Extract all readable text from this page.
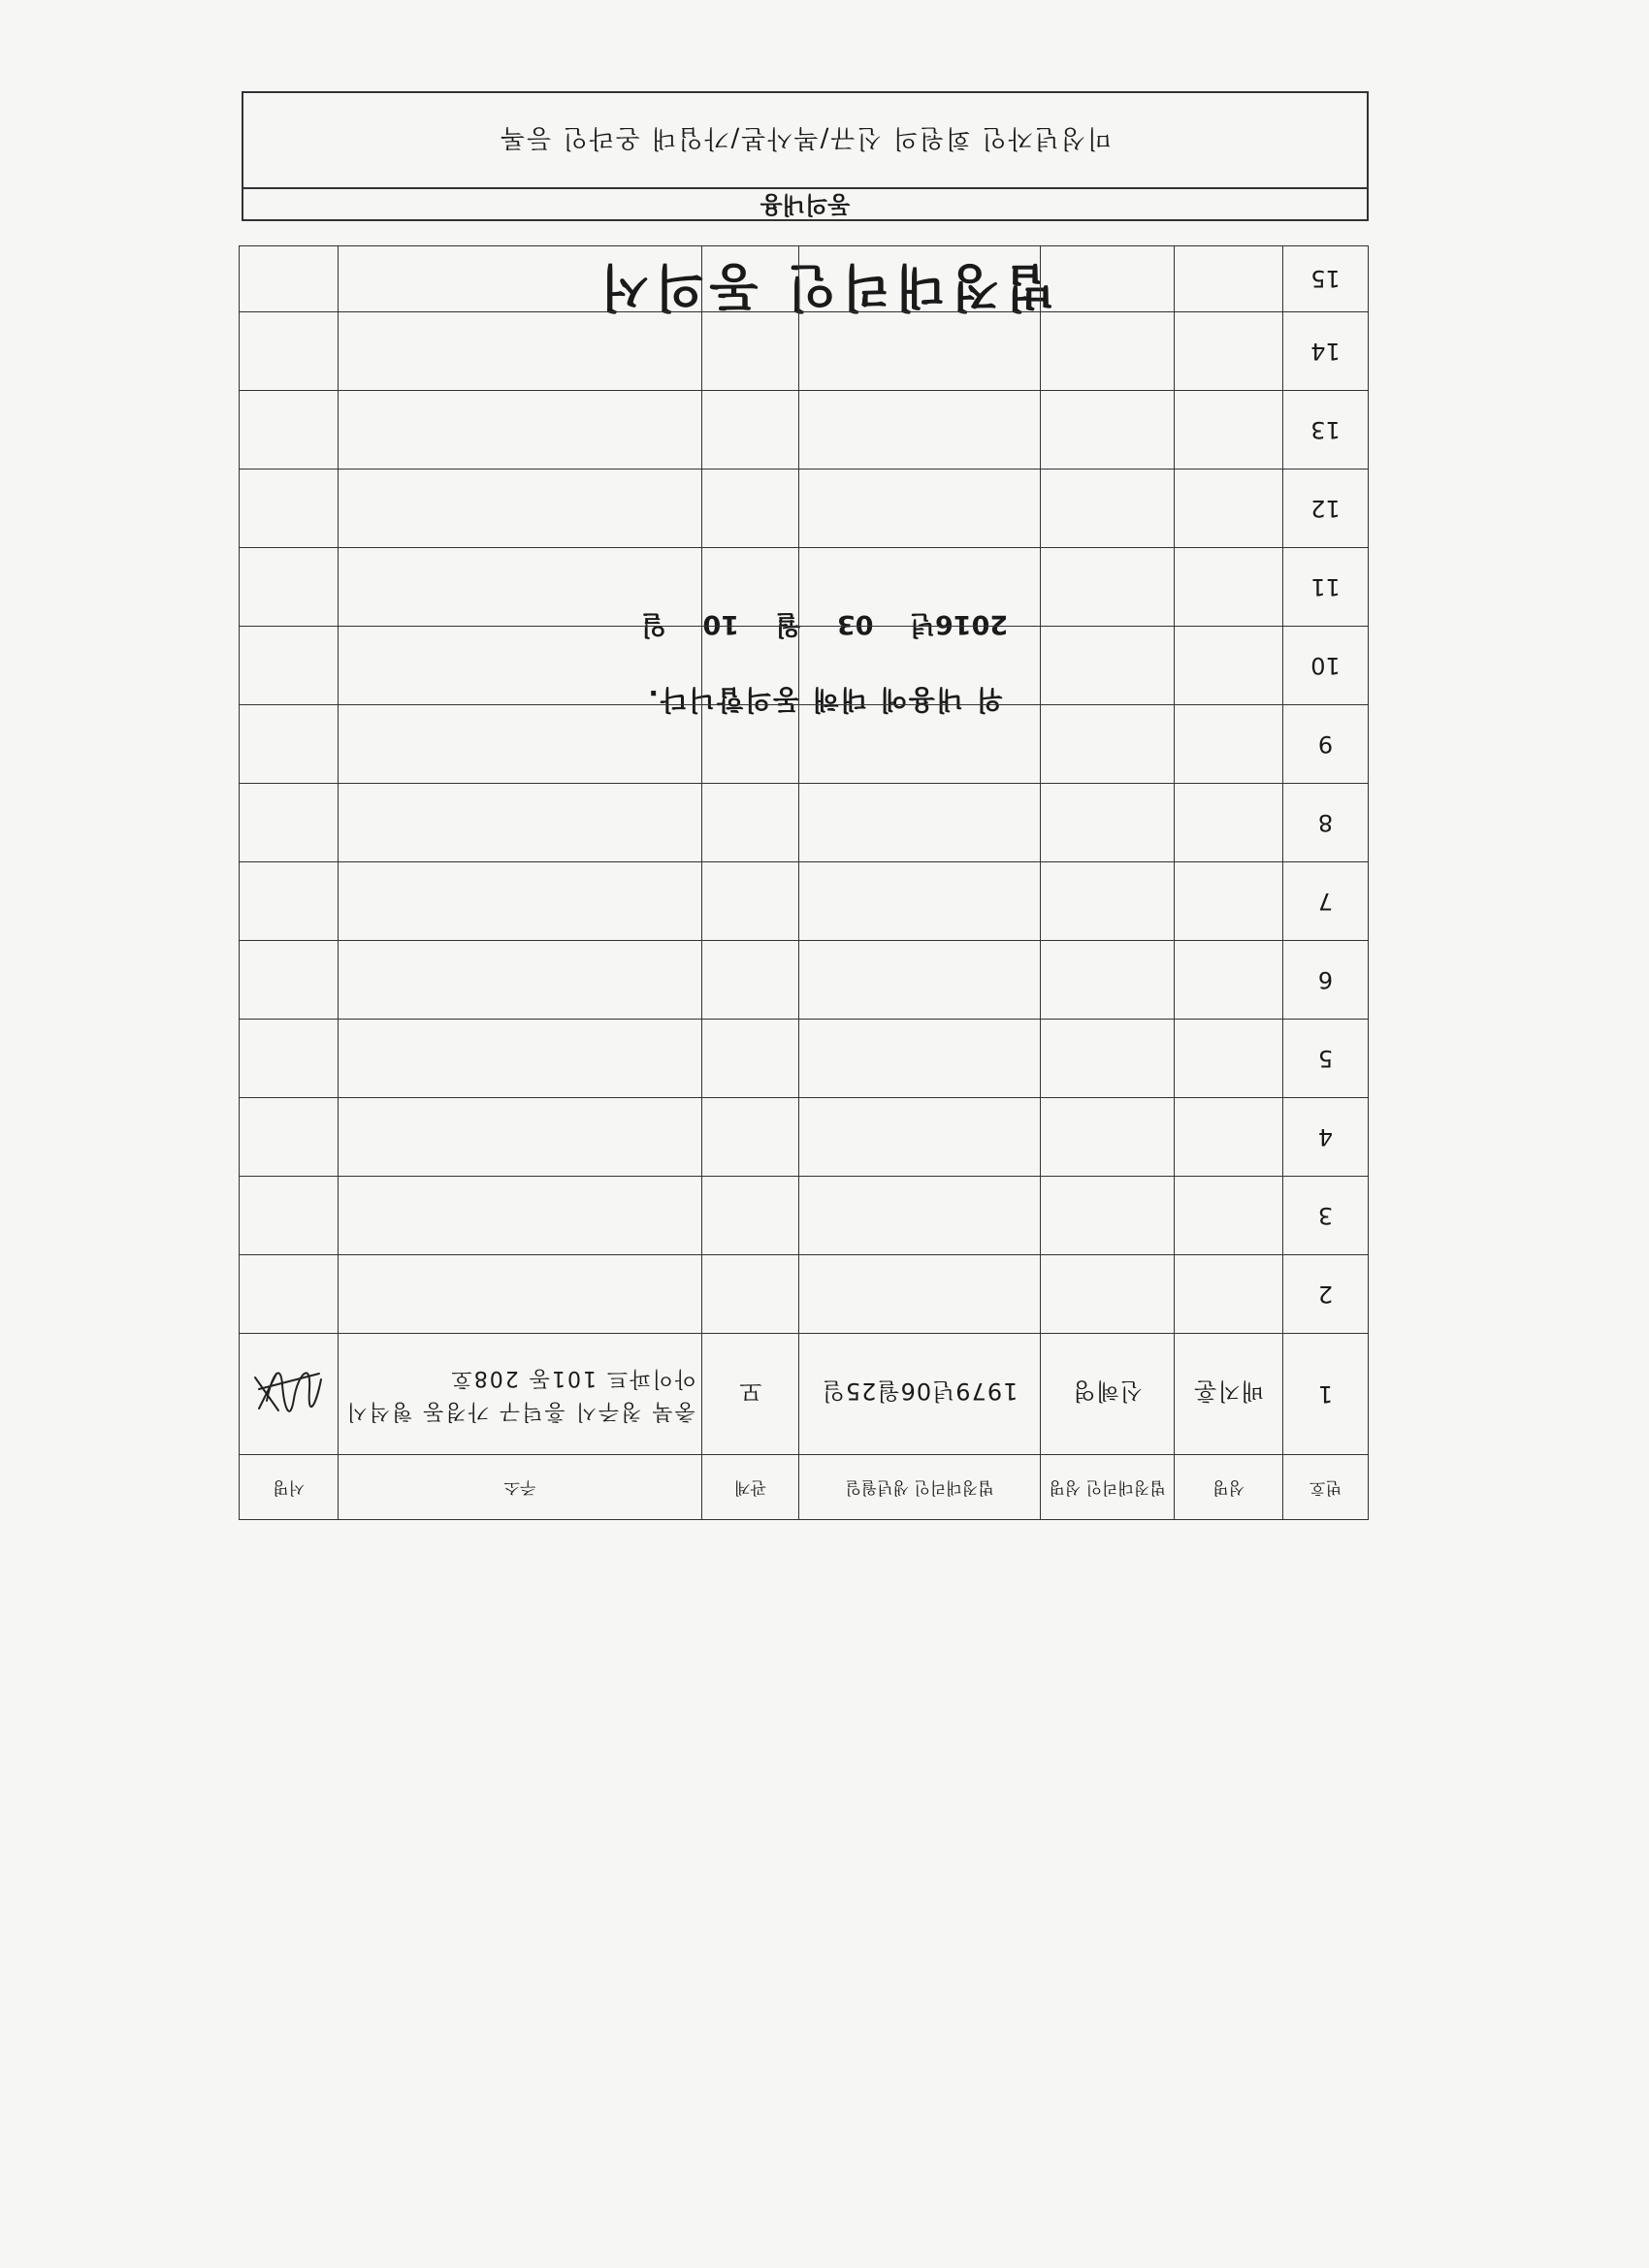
법정대리인 동의서
동의내용
미성년자인 회원의 신규/복사본/가입대 온라인 등록
위 내용에 대해 동의합니다.
2016년 03 월 10 일
번호	성명	법정대리인 성명	법정대리인 생년월일	관계	주소	서명
1	배지훈	신혜영	1979년06월25일	모	충북 청주시 흥덕구 가경동 형석시아이파트 101동 208호	

2						
3						
4						
5						
6						
7						
8						
9						
10						
11						
12						
13						
14						
15						
